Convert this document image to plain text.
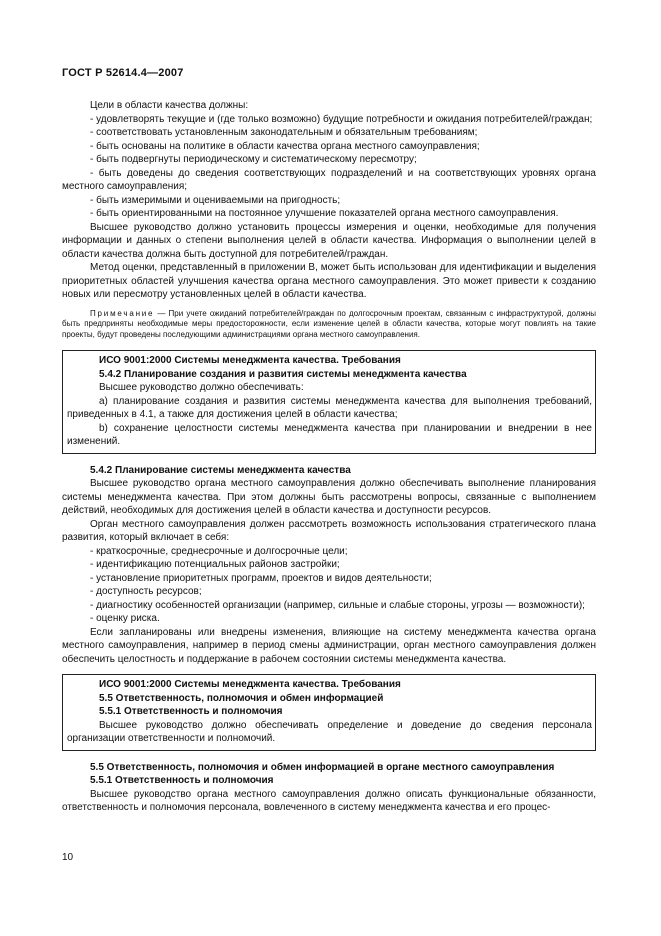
ГОСТ Р 52614.4—2007

Цели в области качества должны:

- удовлетворять текущие и (где только возможно) будущие потребности и ожидания потребителей/граждан;

- соответствовать установленным законодательным и обязательным требованиям;

- быть основаны на политике в области качества органа местного самоуправления;

- быть подвергнуты периодическому и систематическому пересмотру;

- быть доведены до сведения соответствующих подразделений и на соответствующих уровнях органа местного самоуправления;

- быть измеримыми и оцениваемыми на пригодность;

- быть ориентированными на постоянное улучшение показателей органа местного самоуправления.

Высшее руководство должно установить процессы измерения и оценки, необходимые для получения информации и данных о степени выполнения целей в области качества. Информация о выполнении целей в области качества должна быть доступной для потребителей/граждан.

Метод оценки, представленный в приложении В, может быть использован для идентификации и выделения приоритетных областей улучшения качества органа местного самоуправления. Это может привести к созданию новых или пересмотру установленных целей в области качества.

Примечание — При учете ожиданий потребителей/граждан по долгосрочным проектам, связанным с инфраструктурой, должны быть предприняты необходимые меры предосторожности, если изменение целей в области качества, которые могут повлиять на такие проекты, будут проведены последующими администрациями органа местного самоуправления.

ИСО 9001:2000 Системы менеджмента качества. Требования

5.4.2 Планирование создания и развития системы менеджмента качества

Высшее руководство должно обеспечивать:

а) планирование создания и развития системы менеджмента качества для выполнения требований, приведенных в 4.1, а также для достижения целей в области качества;

b) сохранение целостности системы менеджмента качества при планировании и внедрении в нее изменений.

5.4.2 Планирование системы менеджмента качества

Высшее руководство органа местного самоуправления должно обеспечивать выполнение планирования системы менеджмента качества. При этом должны быть рассмотрены вопросы, связанные с выполнением действий, необходимых для достижения целей в области качества и доступности ресурсов.

Орган местного самоуправления должен рассмотреть возможность использования стратегического плана развития, который включает в себя:

- краткосрочные, среднесрочные и долгосрочные цели;

- идентификацию потенциальных районов застройки;

- установление приоритетных программ, проектов и видов деятельности;

- доступность ресурсов;

- диагностику особенностей организации (например, сильные и слабые стороны, угрозы — возможности);

- оценку риска.

Если запланированы или внедрены изменения, влияющие на систему менеджмента качества органа местного самоуправления, например в период смены администрации, орган местного самоуправления должен обеспечить целостность и поддержание в рабочем состоянии системы менеджмента качества.

ИСО 9001:2000 Системы менеджмента качества. Требования

5.5 Ответственность, полномочия и обмен информацией

5.5.1 Ответственность и полномочия

Высшее руководство должно обеспечивать определение и доведение до сведения персонала организации ответственности и полномочий.

5.5 Ответственность, полномочия и обмен информацией в органе местного самоуправления

5.5.1 Ответственность и полномочия

Высшее руководство органа местного самоуправления должно описать функциональные обязанности, ответственность и полномочия персонала, вовлеченного в систему менеджмента качества и его процес-

10
